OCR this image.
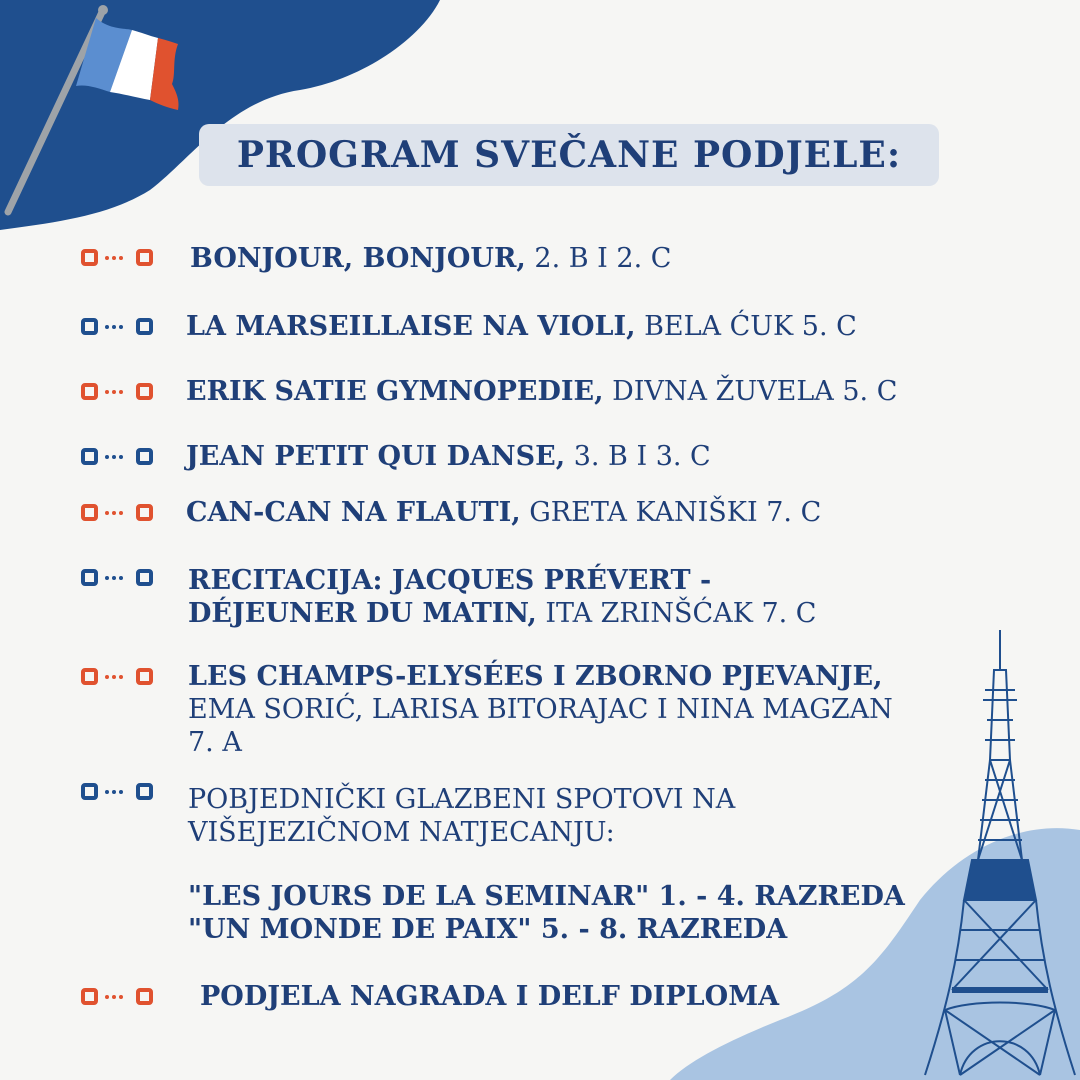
PROGRAM SVEČANE PODJELE:
BONJOUR, BONJOUR, 2. B I 2. C
LA MARSEILLAISE NA VIOLI, BELA ĆUK 5. C
ERIK SATIE GYMNOPEDIE, DIVNA ŽUVELA 5. C
JEAN PETIT QUI DANSE, 3. B I 3. C
CAN-CAN NA FLAUTI, GRETA KANIŠKI 7. C
RECITACIJA: JACQUES PRÉVERT - DÉJEUNER DU MATIN, ITA ZRINŠĆAK 7. C
LES CHAMPS-ELYSÉES I ZBORNO PJEVANJE, EMA SORIĆ, LARISA BITORAJAC I NINA MAGZAN 7. A
POBJEDNIČKI GLAZBENI SPOTOVI NA VIŠEJEZIČNOM NATJECANJU:
"LES JOURS DE LA SEMINAR" 1. - 4. RAZREDA
"UN MONDE DE PAIX" 5. - 8. RAZREDA
PODJELA NAGRADA I DELF DIPLOMA
